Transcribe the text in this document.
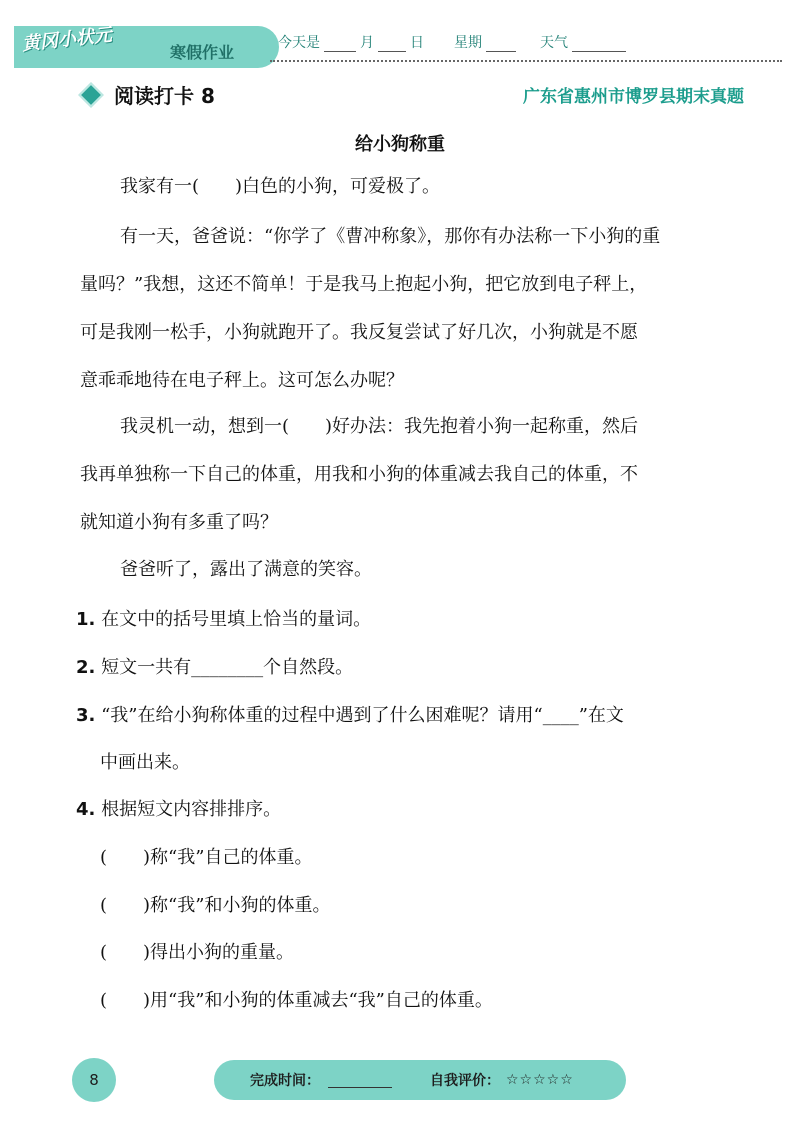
黄冈小状元	寒假作业	今天是	月	日 星期	天气
阅读打卡 8	广东省惠州市博罗县期末真题
给小狗称重
我家有一(　　)白色的小狗，可爱极了。
有一天，爸爸说：“你学了《曹冲称象》，那你有办法称一下小狗的重
量吗？”我想，这还不简单！于是我马上抱起小狗，把它放到电子秤上，
可是我刚一松手，小狗就跑开了。我反复尝试了好几次，小狗就是不愿
意乖乖地待在电子秤上。这可怎么办呢？
我灵机一动，想到一(　　)好办法：我先抱着小狗一起称重，然后
我再单独称一下自己的体重，用我和小狗的体重减去我自己的体重，不
就知道小狗有多重了吗？
爸爸听了，露出了满意的笑容。
1. 在文中的括号里填上恰当的量词。
2. 短文一共有________个自然段。
3. “我”在给小狗称体重的过程中遇到了什么困难呢？请用“____”在文
中画出来。
4. 根据短文内容排排序。
(　　)称“我”自己的体重。
(　　)称“我”和小狗的体重。
(　　)得出小狗的重量。
(　　)用“我”和小狗的体重减去“我”自己的体重。
8	完成时间：	自我评价： ☆☆☆☆☆
